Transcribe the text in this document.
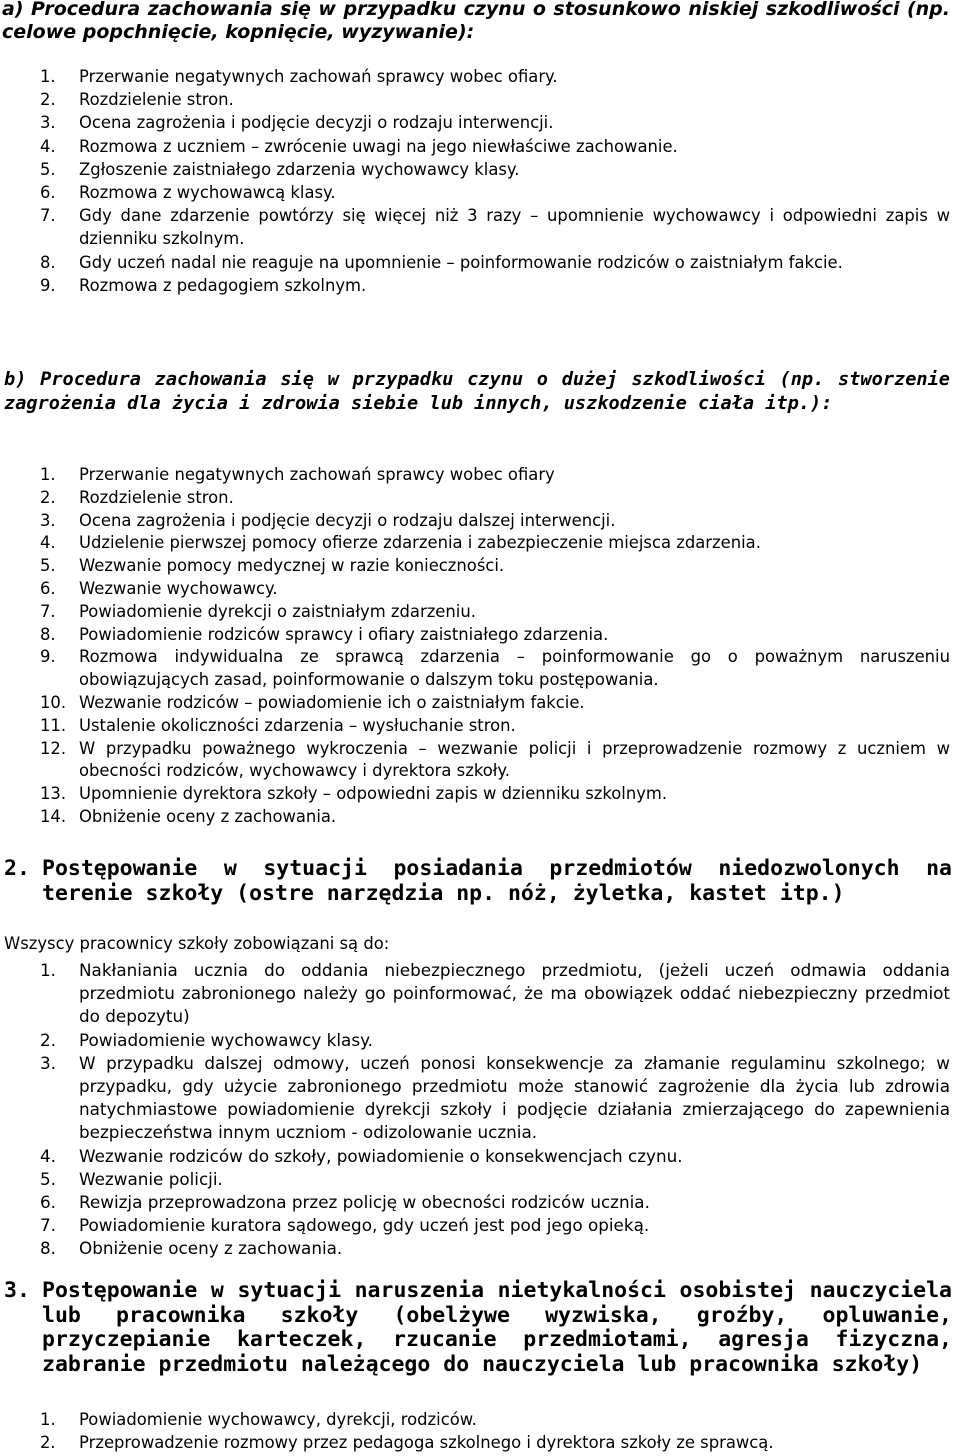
a) Procedura zachowania się w przypadku czynu o stosunkowo niskiej szkodliwości (np. celowe popchnięcie, kopnięcie, wyzywanie):
1. Przerwanie negatywnych zachowań sprawcy wobec ofiary.
2. Rozdzielenie stron.
3. Ocena zagrożenia i podjęcie decyzji o rodzaju interwencji.
4. Rozmowa z uczniem – zwrócenie uwagi na jego niewłaściwe zachowanie.
5. Zgłoszenie zaistniałego zdarzenia wychowawcy klasy.
6. Rozmowa z wychowawcą klasy.
7. Gdy dane zdarzenie powtórzy się więcej niż 3 razy – upomnienie wychowawcy i odpowiedni zapis w dzienniku szkolnym.
8. Gdy uczeń nadal nie reaguje na upomnienie – poinformowanie rodziców o zaistniałym fakcie.
9. Rozmowa z pedagogiem szkolnym.
b) Procedura zachowania się w przypadku czynu o dużej szkodliwości (np. stworzenie zagrożenia dla życia i zdrowia siebie lub innych, uszkodzenie ciała itp.):
1. Przerwanie negatywnych zachowań sprawcy wobec ofiary
2. Rozdzielenie stron.
3. Ocena zagrożenia i podjęcie decyzji o rodzaju dalszej interwencji.
4. Udzielenie pierwszej pomocy ofierze zdarzenia i zabezpieczenie miejsca zdarzenia.
5. Wezwanie pomocy medycznej w razie konieczności.
6. Wezwanie wychowawcy.
7. Powiadomienie dyrekcji o zaistniałym zdarzeniu.
8. Powiadomienie rodziców sprawcy i ofiary zaistniałego zdarzenia.
9. Rozmowa indywidualna ze sprawcą zdarzenia – poinformowanie go o poważnym naruszeniu obowiązujących zasad, poinformowanie o dalszym toku postępowania.
10. Wezwanie rodziców – powiadomienie ich o zaistniałym fakcie.
11. Ustalenie okoliczności zdarzenia – wysłuchanie stron.
12. W przypadku poważnego wykroczenia – wezwanie policji i przeprowadzenie rozmowy z uczniem w obecności rodziców, wychowawcy i dyrektora szkoły.
13. Upomnienie dyrektora szkoły – odpowiedni zapis w dzienniku szkolnym.
14. Obniżenie oceny z zachowania.
2. Postępowanie w sytuacji posiadania przedmiotów niedozwolonych na terenie szkoły (ostre narzędzia np. nóż, żyletka, kastet itp.)
Wszyscy pracownicy szkoły zobowiązani są do:
1. Nakłaniania ucznia do oddania niebezpiecznego przedmiotu, (jeżeli uczeń odmawia oddania przedmiotu zabronionego należy go poinformować, że ma obowiązek oddać niebezpieczny przedmiot do depozytu)
2. Powiadomienie wychowawcy klasy.
3. W przypadku dalszej odmowy, uczeń ponosi konsekwencje za złamanie regulaminu szkolnego; w przypadku, gdy użycie zabronionego przedmiotu może stanowić zagrożenie dla życia lub zdrowia natychmiastowe powiadomienie dyrekcji szkoły i podjęcie działania zmierzającego do zapewnienia bezpieczeństwa innym uczniom - odizolowanie ucznia.
4. Wezwanie rodziców do szkoły, powiadomienie o konsekwencjach czynu.
5. Wezwanie policji.
6. Rewizja przeprowadzona przez policję w obecności rodziców ucznia.
7. Powiadomienie kuratora sądowego, gdy uczeń jest pod jego opieką.
8. Obniżenie oceny z zachowania.
3. Postępowanie w sytuacji naruszenia nietykalności osobistej nauczyciela lub pracownika szkoły (obelżywe wyzwiska, groźby, opluwanie, przyczepianie karteczek, rzucanie przedmiotami, agresja fizyczna, zabranie przedmiotu należącego do nauczyciela lub pracownika szkoły)
1. Powiadomienie wychowawcy, dyrekcji, rodziców.
2. Przeprowadzenie rozmowy przez pedagoga szkolnego i dyrektora szkoły ze sprawcą.
